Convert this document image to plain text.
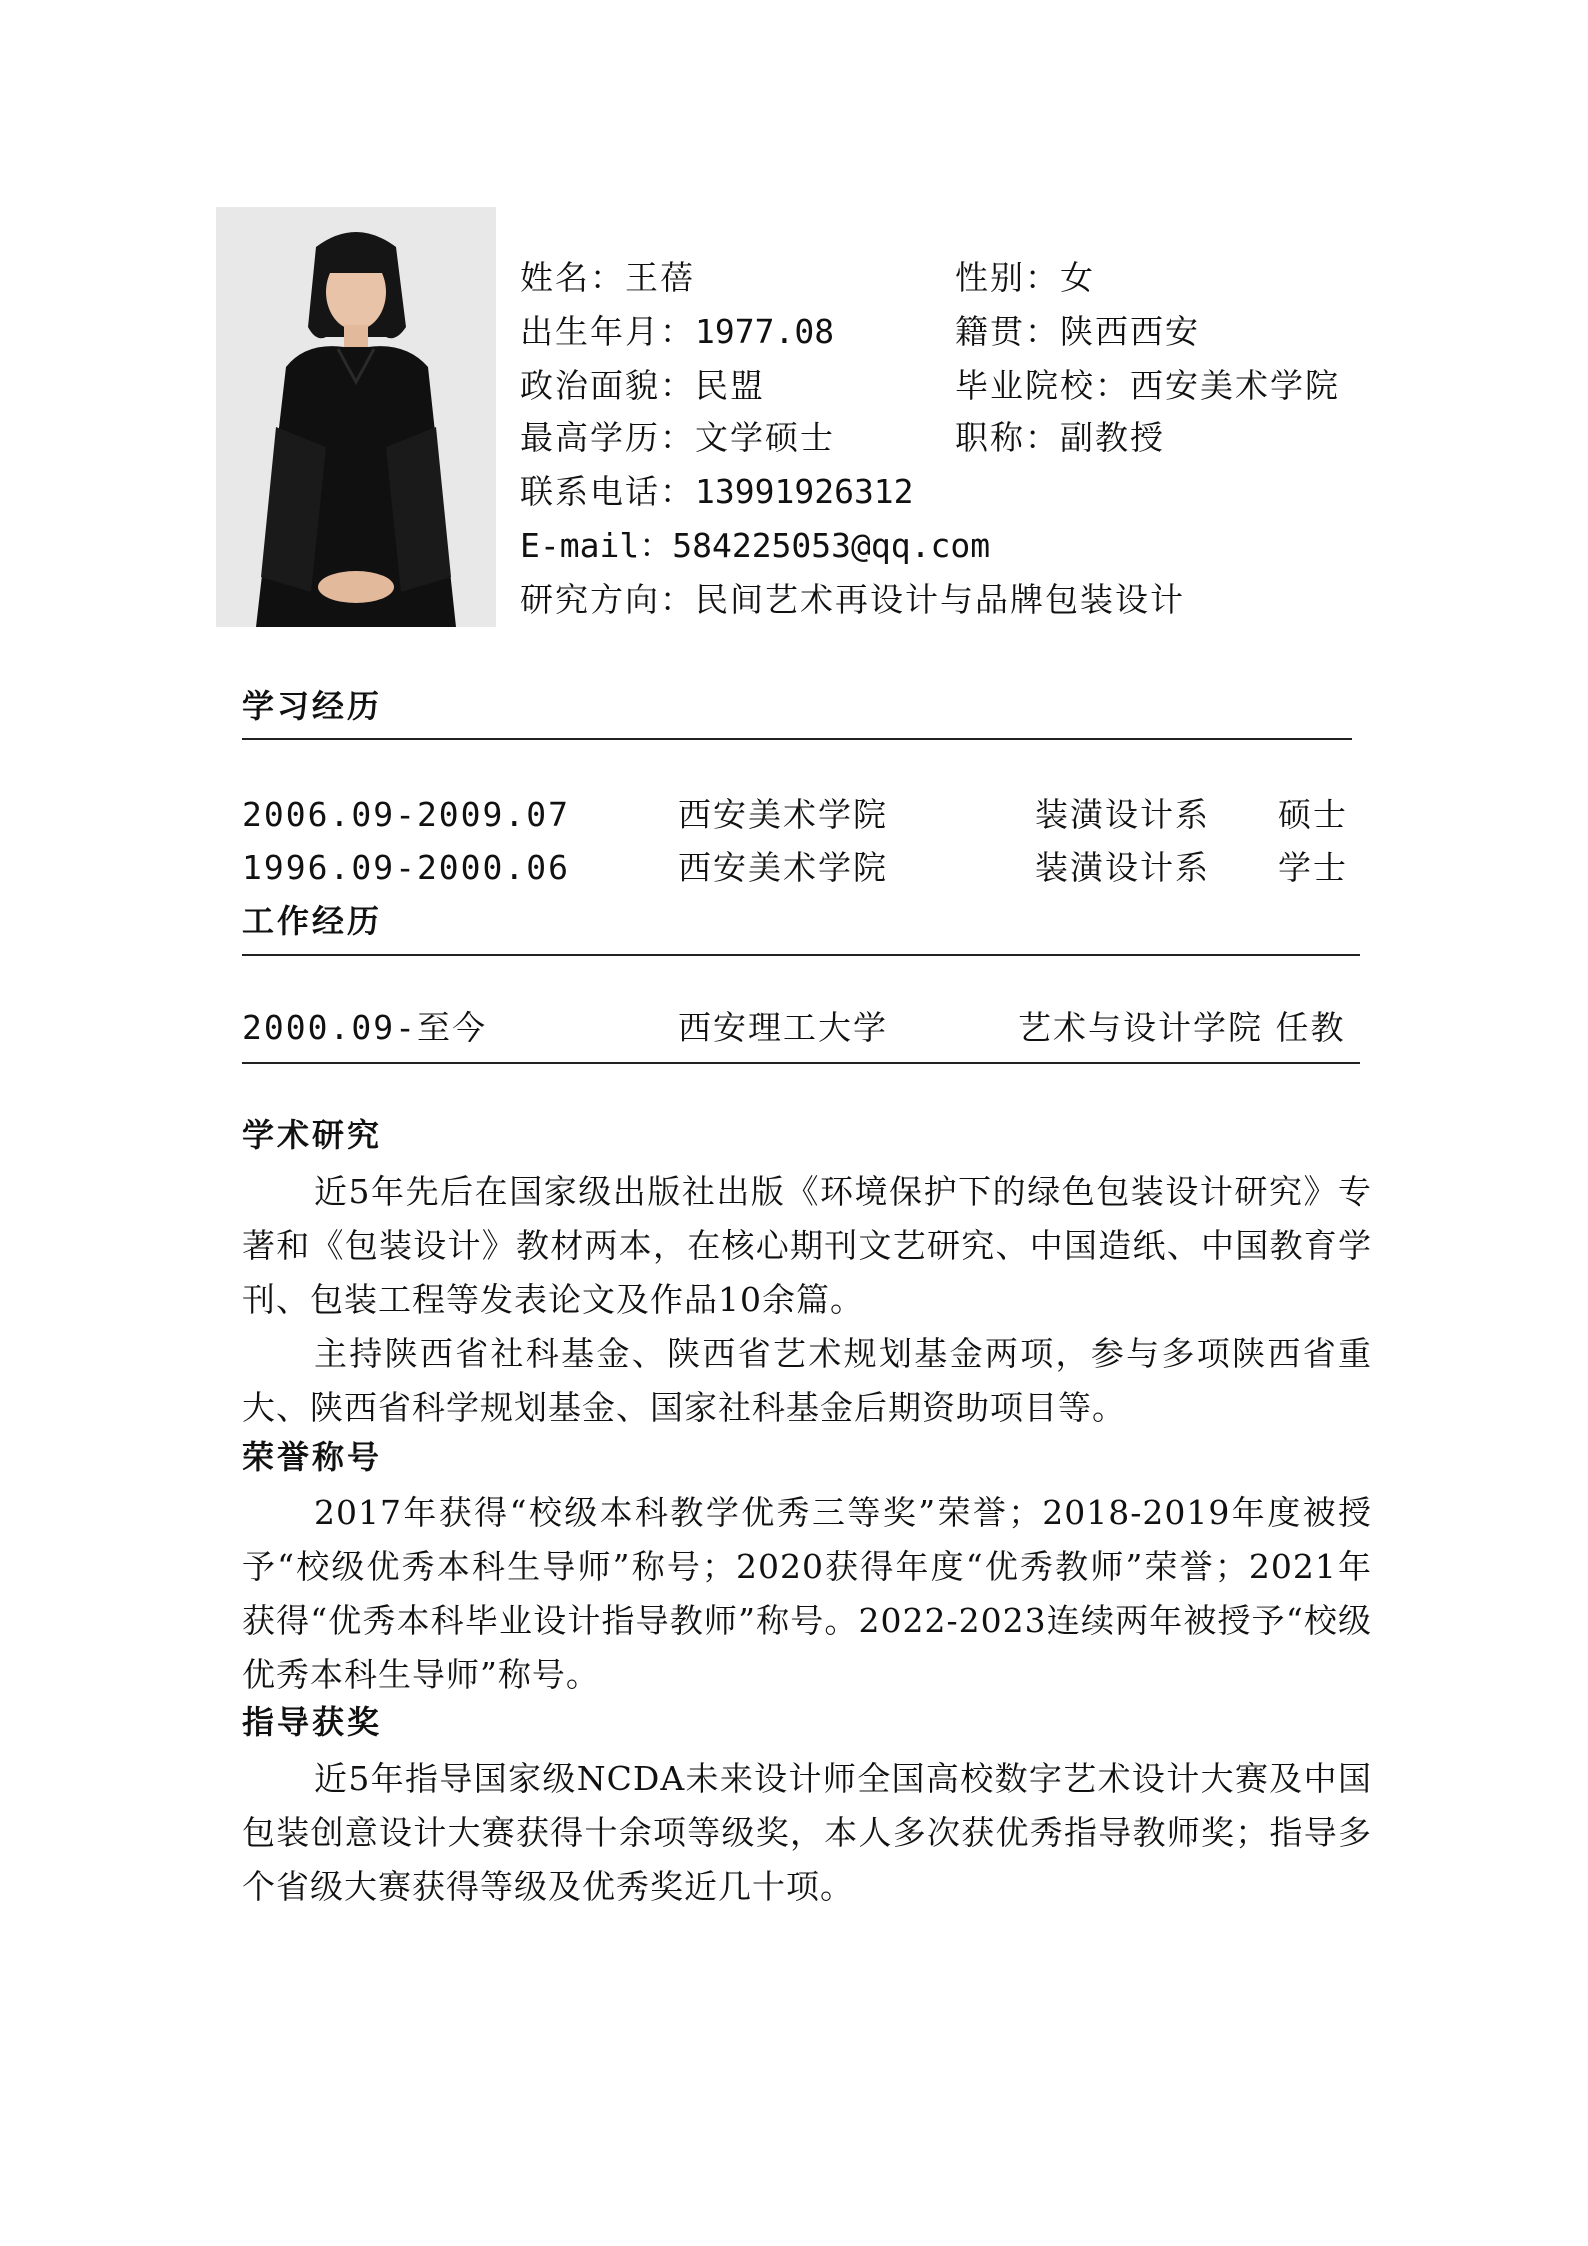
姓名：王蓓	性别：女
出生年月：1977.08	籍贯：陕西西安
政治面貌：民盟	毕业院校：西安美术学院
最高学历：文学硕士	职称：副教授
联系电话：13991926312
E-mail：584225053@qq.com
研究方向：民间艺术再设计与品牌包装设计
学习经历
2006.09-2009.07	西安美术学院	装潢设计系 硕士
1996.09-2000.06	西安美术学院	装潢设计系 学士
工作经历
2000.09-至今	西安理工大学	艺术与设计学院 任教
学术研究

近5年先后在国家级出版社出版《环境保护下的绿色包装设计研究》专著和《包装设计》教材两本，在核心期刊文艺研究、中国造纸、中国教育学刊、包装工程等发表论文及作品10余篇。

主持陕西省社科基金、陕西省艺术规划基金两项，参与多项陕西省重大、陕西省科学规划基金、国家社科基金后期资助项目等。

荣誉称号

2017年获得“校级本科教学优秀三等奖”荣誉；2018-2019年度被授予“校级优秀本科生导师”称号；2020获得年度“优秀教师”荣誉；2021年获得“优秀本科毕业设计指导教师”称号。2022-2023连续两年被授予“校级优秀本科生导师”称号。

指导获奖

近5年指导国家级NCDA未来设计师全国高校数字艺术设计大赛及中国包装创意设计大赛获得十余项等级奖，本人多次获优秀指导教师奖；指导多个省级大赛获得等级及优秀奖近几十项。
